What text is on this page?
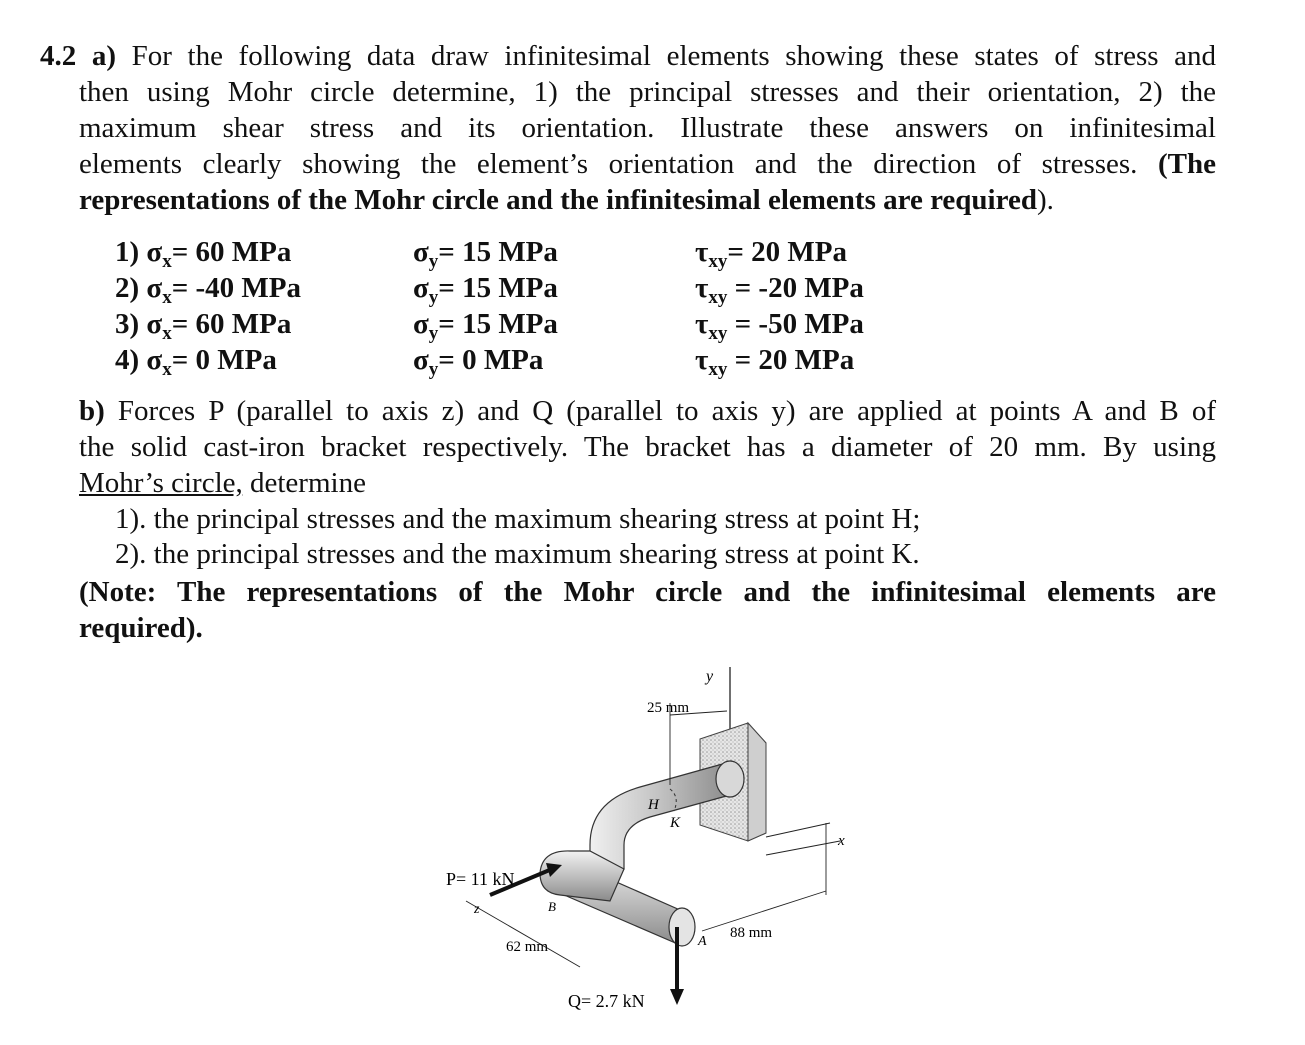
4.2 a) For the following data draw infinitesimal elements showing these states of stress and
then using Mohr circle determine, 1) the principal stresses and their orientation, 2) the
maximum shear stress and its orientation. Illustrate these answers on infinitesimal
elements clearly showing the element’s orientation and the direction of stresses. (The
representations of the Mohr circle and the infinitesimal elements are required).
1) $\sigma_x= 60$ MPa	$\sigma_y= 15$ MPa	$\tau_{xy}= 20$ MPa
2) $\sigma_x= -40$ MPa	$\sigma_y= 15$ MPa	$\tau_{xy} = -20$ MPa
3) $\sigma_x= 60$ MPa	$\sigma_y= 15$ MPa	$\tau_{xy} = -50$ MPa
4) $\sigma_x= 0$ MPa	$\sigma_y= 0$ MPa	$\tau_{xy} = 20$ MPa
b) Forces P (parallel to axis z) and Q (parallel to axis y) are applied at points A and B of
the solid cast-iron bracket respectively. The bracket has a diameter of 20 mm. By using
Mohr’s circle, determine
1). the principal stresses and the maximum shearing stress at point H;
2). the principal stresses and the maximum shearing stress at point K.
(Note: The representations of the Mohr circle and the infinitesimal elements are
required).
y
25 mm
88 mm
62 mm
x
P= 11 kN
z
Q= 2.7 kN
H
K
A
B
